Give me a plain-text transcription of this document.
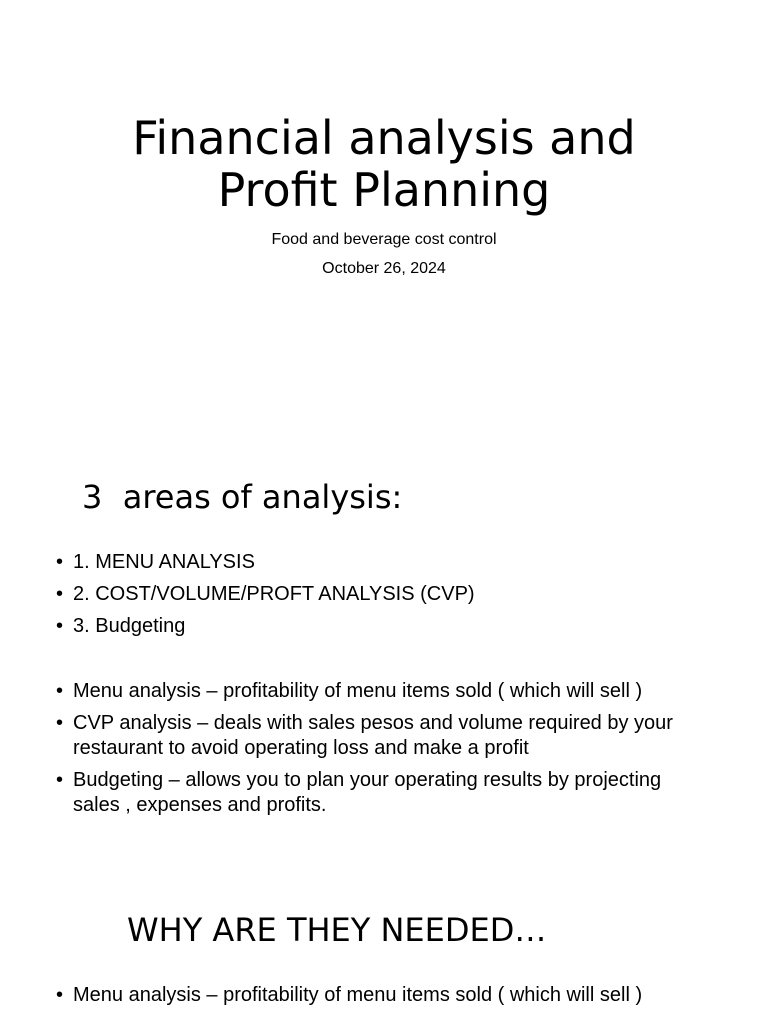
Financial analysis and
Profit Planning
Food and beverage cost control
October 26, 2024
3  areas of analysis:
• 1. MENU ANALYSIS
• 2. COST/VOLUME/PROFT ANALYSIS (CVP)
• 3. Budgeting
• Menu analysis – profitability of menu items sold ( which will sell )
• CVP analysis – deals with sales pesos and volume required by your restaurant to avoid operating loss and make a profit
• Budgeting – allows you to plan your operating results by projecting sales , expenses and profits.
WHY ARE THEY NEEDED…
• Menu analysis – profitability of menu items sold ( which will sell )
